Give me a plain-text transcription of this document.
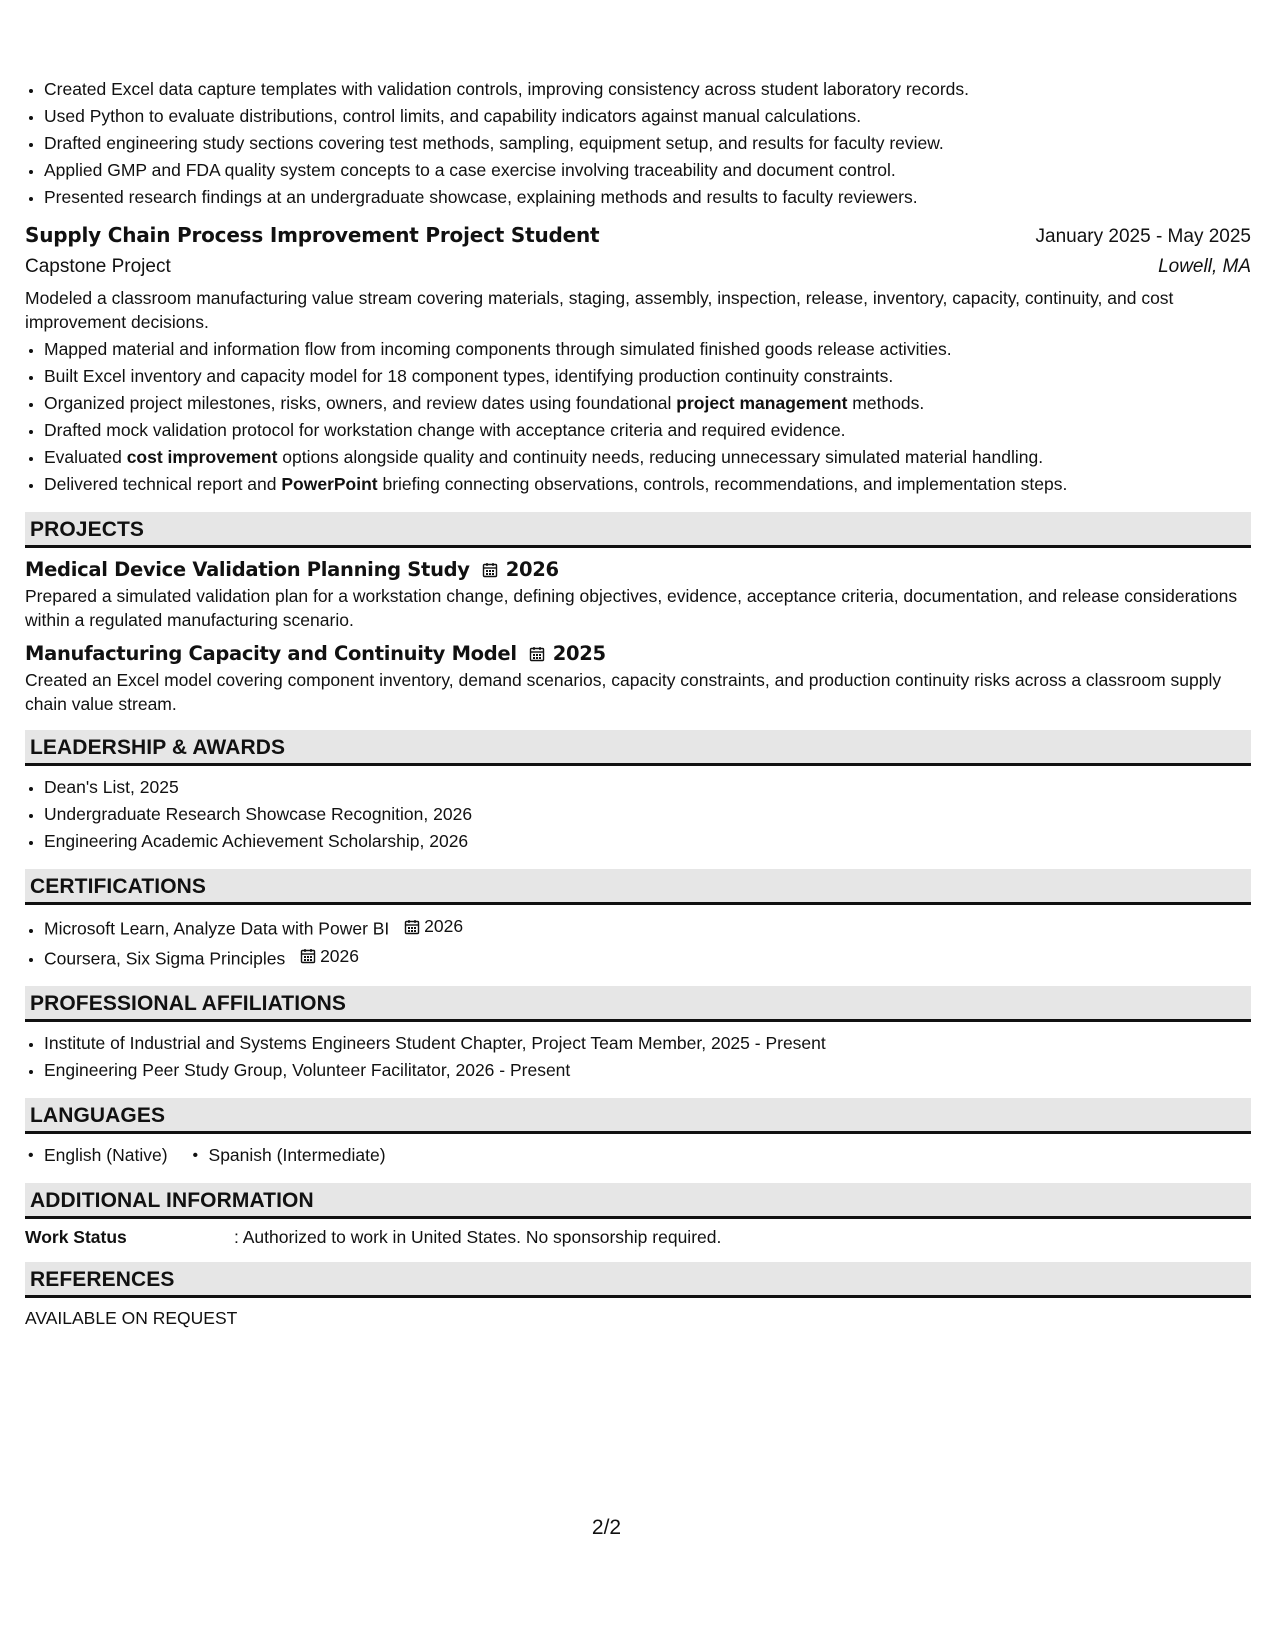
• Created Excel data capture templates with validation controls, improving consistency across student laboratory records.
• Used Python to evaluate distributions, control limits, and capability indicators against manual calculations.
• Drafted engineering study sections covering test methods, sampling, equipment setup, and results for faculty review.
• Applied GMP and FDA quality system concepts to a case exercise involving traceability and document control.
• Presented research findings at an undergraduate showcase, explaining methods and results to faculty reviewers.
Supply Chain Process Improvement Project Student	January 2025 - May 2025
Capstone Project	Lowell, MA
Modeled a classroom manufacturing value stream covering materials, staging, assembly, inspection, release, inventory, capacity, continuity, and cost improvement decisions.
• Mapped material and information flow from incoming components through simulated finished goods release activities.
• Built Excel inventory and capacity model for 18 component types, identifying production continuity constraints.
• Organized project milestones, risks, owners, and review dates using foundational project management methods.
• Drafted mock validation protocol for workstation change with acceptance criteria and required evidence.
• Evaluated cost improvement options alongside quality and continuity needs, reducing unnecessary simulated material handling.
• Delivered technical report and PowerPoint briefing connecting observations, controls, recommendations, and implementation steps.
PROJECTS
Medical Device Validation Planning Study 2026
Prepared a simulated validation plan for a workstation change, defining objectives, evidence, acceptance criteria, documentation, and release considerations within a regulated manufacturing scenario.
Manufacturing Capacity and Continuity Model 2025
Created an Excel model covering component inventory, demand scenarios, capacity constraints, and production continuity risks across a classroom supply chain value stream.
LEADERSHIP & AWARDS
• Dean's List, 2025
• Undergraduate Research Showcase Recognition, 2026
• Engineering Academic Achievement Scholarship, 2026
CERTIFICATIONS
• Microsoft Learn, Analyze Data with Power BI 2026
• Coursera, Six Sigma Principles 2026
PROFESSIONAL AFFILIATIONS
• Institute of Industrial and Systems Engineers Student Chapter, Project Team Member, 2025 - Present
• Engineering Peer Study Group, Volunteer Facilitator, 2026 - Present
LANGUAGES
• English (Native)
•	Spanish (Intermediate)
ADDITIONAL INFORMATION
Work Status	: Authorized to work in United States. No sponsorship required.
REFERENCES
AVAILABLE ON REQUEST
2/2
